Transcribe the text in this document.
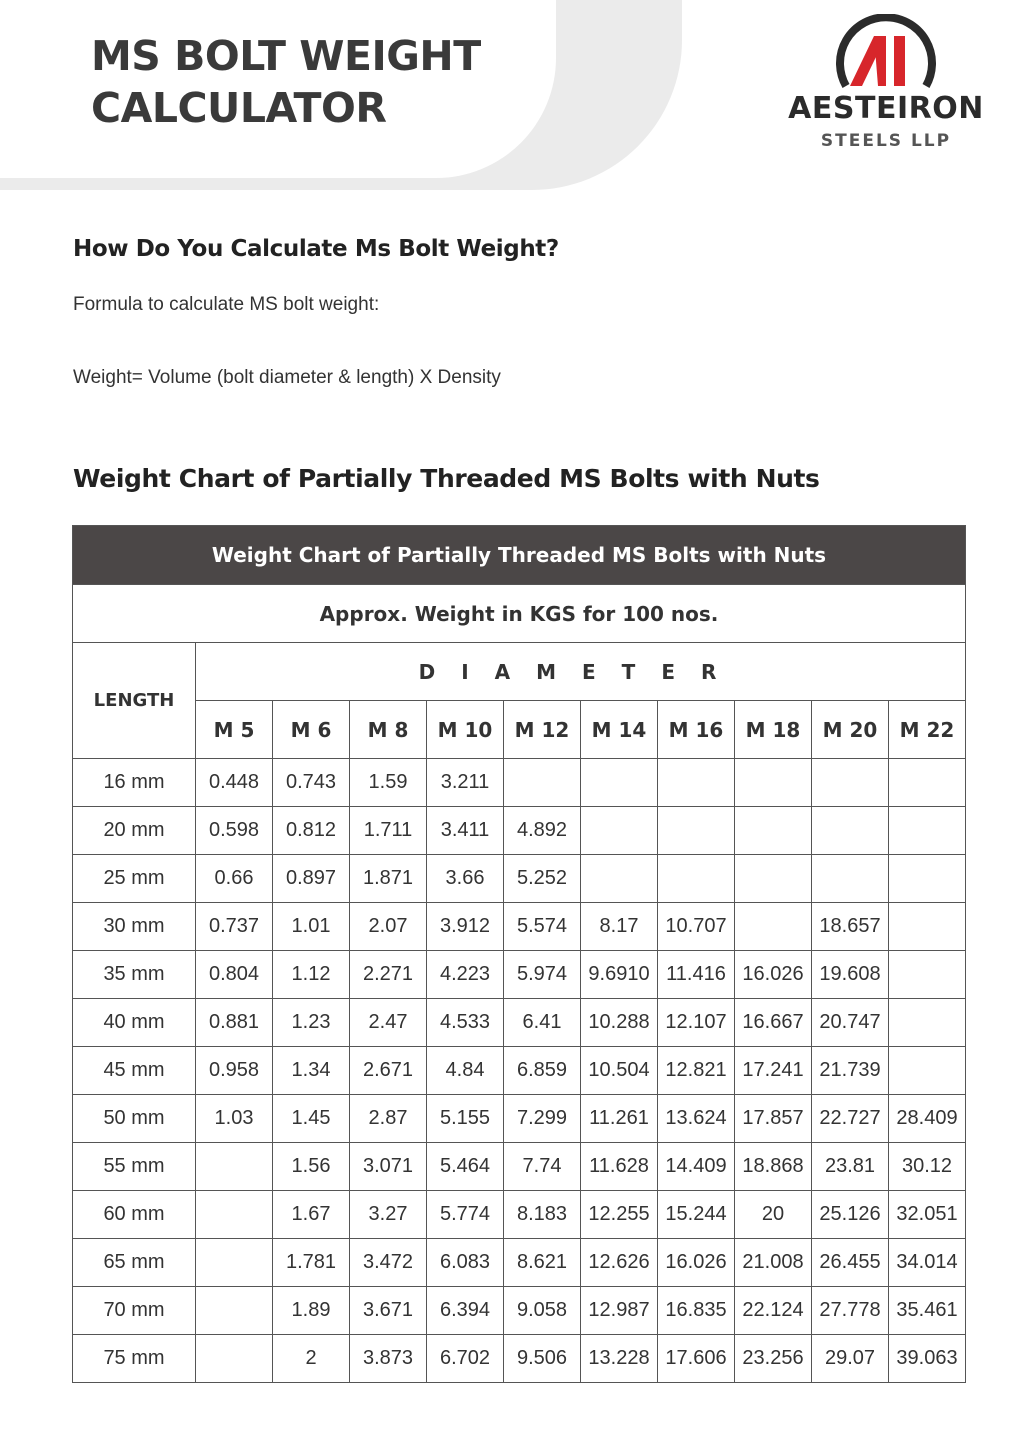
MS BOLT WEIGHT
CALCULATOR	AESTEIRON
STEELS LLP
How Do You Calculate Ms Bolt Weight?
Formula to calculate MS bolt weight:
Weight= Volume (bolt diameter & length) X Density
Weight Chart of Partially Threaded MS Bolts with Nuts
Weight Chart of Partially Threaded MS Bolts with Nuts										
Approx. Weight in KGS for 100 nos.										
LENGTH	DIAMETER									
	M 5	M 6	M 8	M 10	M 12	M 14	M 16	M 18	M 20	M 22
16 mm	0.448	0.743	1.59	3.211						
20 mm	0.598	0.812	1.711	3.411	4.892					
25 mm	0.66	0.897	1.871	3.66	5.252					
30 mm	0.737	1.01	2.07	3.912	5.574	8.17	10.707		18.657	
35 mm	0.804	1.12	2.271	4.223	5.974	9.6910	11.416	16.026	19.608	
40 mm	0.881	1.23	2.47	4.533	6.41	10.288	12.107	16.667	20.747	
45 mm	0.958	1.34	2.671	4.84	6.859	10.504	12.821	17.241	21.739	
50 mm	1.03	1.45	2.87	5.155	7.299	11.261	13.624	17.857	22.727	28.409
55 mm		1.56	3.071	5.464	7.74	11.628	14.409	18.868	23.81	30.12
60 mm		1.67	3.27	5.774	8.183	12.255	15.244	20	25.126	32.051
65 mm		1.781	3.472	6.083	8.621	12.626	16.026	21.008	26.455	34.014
70 mm		1.89	3.671	6.394	9.058	12.987	16.835	22.124	27.778	35.461
75 mm		2	3.873	6.702	9.506	13.228	17.606	23.256	29.07	39.063
